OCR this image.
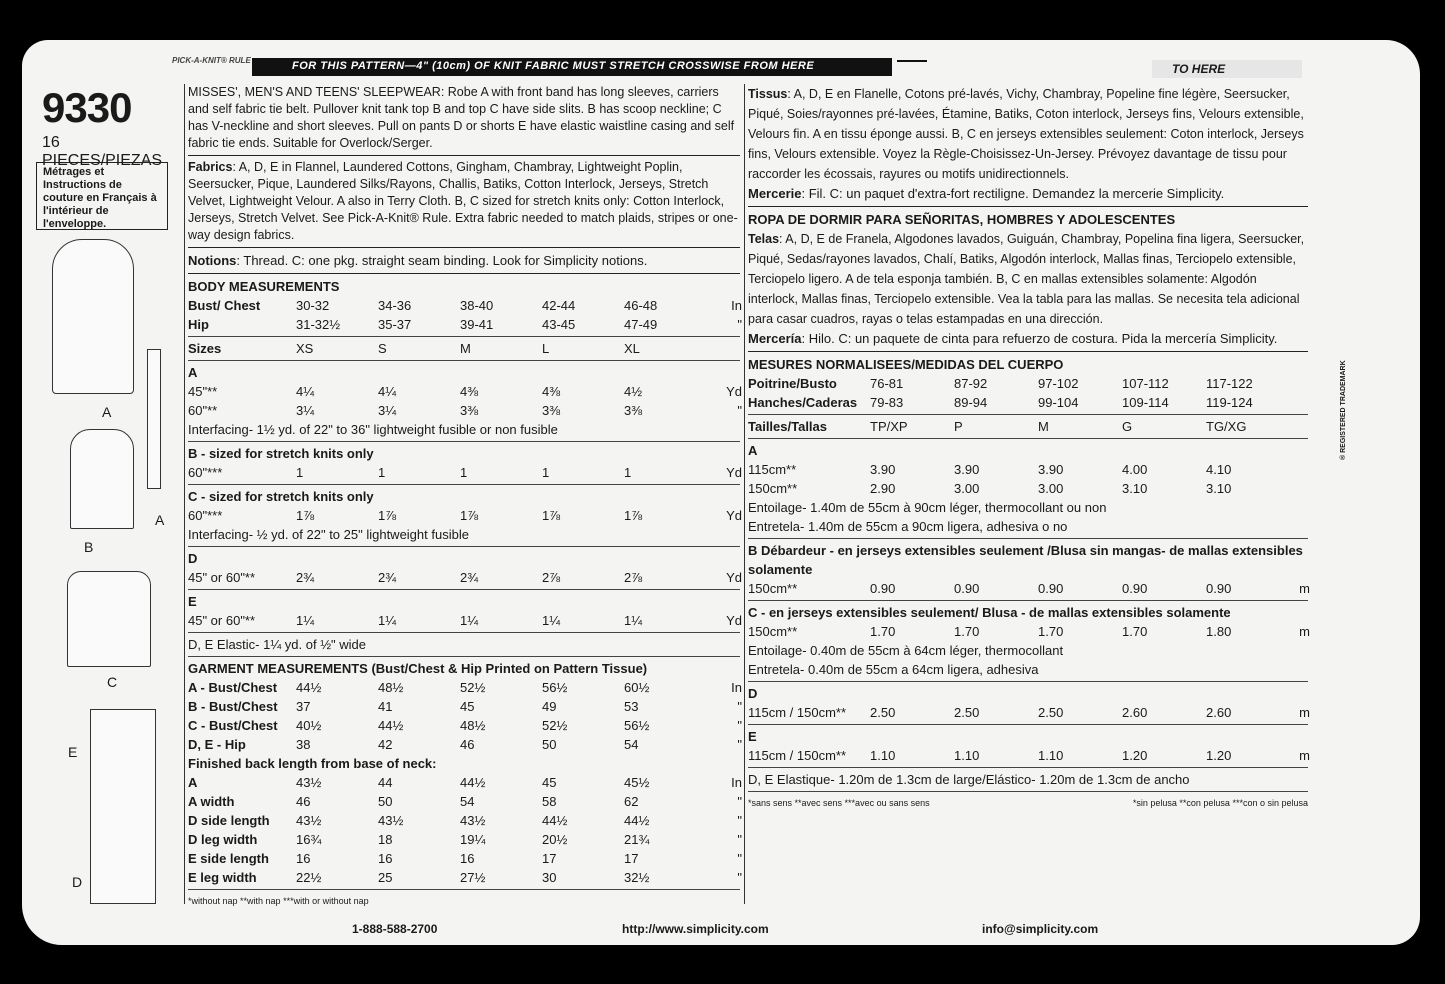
PICK-A-KNIT® RULE	FOR THIS PATTERN—4" (10cm) OF KNIT FABRIC MUST STRETCH CROSSWISE FROM HERE	TO HERE
9330
16 PIECES/PIEZAS
Métrages et Instructions de couture en Français à l'intérieur de l'enveloppe.
A
A
B
C
E
D

MISSES', MEN'S AND TEENS' SLEEPWEAR: Robe A with front band has long sleeves, carriers and self fabric tie belt. Pullover knit tank top B and top C have side slits. B has scoop neckline; C has V-neckline and short sleeves. Pull on pants D or shorts E have elastic waistline casing and self fabric tie ends. Suitable for Overlock/Serger.

Fabrics: A, D, E in Flannel, Laundered Cottons, Gingham, Chambray, Lightweight Poplin, Seersucker, Pique, Laundered Silks/Rayons, Challis, Batiks, Cotton Interlock, Jerseys, Stretch Velvet, Lightweight Velour. A also in Terry Cloth. B, C sized for stretch knits only: Cotton Interlock, Jerseys, Stretch Velvet. See Pick-A-Knit® Rule. Extra fabric needed to match plaids, stripes or one-way design fabrics.

Notions: Thread. C: one pkg. straight seam binding. Look for Simplicity notions.

BODY MEASUREMENTS
Bust/ Chest	30-32	34-36	38-40	42-44	46-48	In
Hip	31-32½	35-37	39-41	43-45	47-49	"
Sizes	XS	S	M	L	XL
A
45"**	4¼	4¼	4⅜	4⅜	4½	Yd
60"**	3¼	3¼	3⅜	3⅜	3⅜	"
Interfacing- 1½ yd. of 22" to 36" lightweight fusible or non fusible
B - sized for stretch knits only
60"***	1	1	1	1	1	Yd
C - sized for stretch knits only
60"***	1⅞	1⅞	1⅞	1⅞	1⅞	Yd
Interfacing- ½ yd. of 22" to 25" lightweight fusible
D
45" or 60"**	2¾	2¾	2¾	2⅞	2⅞	Yd
E
45" or 60"**	1¼	1¼	1¼	1¼	1¼	Yd
D, E Elastic- 1¼ yd. of ½" wide
GARMENT MEASUREMENTS (Bust/Chest & Hip Printed on Pattern Tissue)
A - Bust/Chest	44½	48½	52½	56½	60½	In
B - Bust/Chest	37	41	45	49	53	"
C - Bust/Chest	40½	44½	48½	52½	56½	"
D, E - Hip	38	42	46	50	54	"
Finished back length from base of neck:
A	43½	44	44½	45	45½	In
A width	46	50	54	58	62	"
D side length	43½	43½	43½	44½	44½	"
D leg width	16¾	18	19¼	20½	21¾	"
E side length	16	16	16	17	17	"
E leg width	22½	25	27½	30	32½	"
*without nap **with nap ***with or without nap

Tissus: A, D, E en Flanelle, Cotons pré-lavés, Vichy, Chambray, Popeline fine légère, Seersucker, Piqué, Soies/rayonnes pré-lavées, Étamine, Batiks, Coton interlock, Jerseys fins, Velours extensible, Velours fin. A en tissu éponge aussi. B, C en jerseys extensibles seulement: Coton interlock, Jerseys fins, Velours extensible. Voyez la Règle-Choisissez-Un-Jersey. Prévoyez davantage de tissu pour raccorder les écossais, rayures ou motifs unidirectionnels.

Mercerie: Fil. C: un paquet d'extra-fort rectiligne. Demandez la mercerie Simplicity.

ROPA DE DORMIR PARA SEÑORITAS, HOMBRES Y ADOLESCENTES

Telas: A, D, E de Franela, Algodones lavados, Guiguán, Chambray, Popelina fina ligera, Seersucker, Piqué, Sedas/rayones lavados, Chalí, Batiks, Algodón interlock, Mallas finas, Terciopelo extensible, Terciopelo ligero. A de tela esponja también. B, C en mallas extensibles solamente: Algodón interlock, Mallas finas, Terciopelo extensible. Vea la tabla para las mallas. Se necesita tela adicional para casar cuadros, rayas o telas estampadas en una dirección.

Mercería: Hilo. C: un paquete de cinta para refuerzo de costura. Pida la mercería Simplicity.

MESURES NORMALISEES/MEDIDAS DEL CUERPO
Poitrine/Busto	76-81	87-92	97-102	107-112	117-122
Hanches/Caderas 79-83	89-94	99-104	109-114	119-124
Tailles/Tallas	TP/XP	P	M	G	TG/XG
A
115cm**	3.90	3.90	3.90	4.00	4.10
150cm**	2.90	3.00	3.00	3.10	3.10
Entoilage- 1.40m de 55cm à 90cm léger, thermocollant ou non
Entretela- 1.40m de 55cm a 90cm ligera, adhesiva o no
B Débardeur - en jerseys extensibles seulement /Blusa sin mangas- de mallas extensibles solamente
150cm**	0.90	0.90	0.90	0.90	0.90	m
C - en jerseys extensibles seulement/ Blusa - de mallas extensibles solamente
150cm**	1.70	1.70	1.70	1.70	1.80	m
Entoilage- 0.40m de 55cm à 64cm léger, thermocollant
Entretela- 0.40m de 55cm a 64cm ligera, adhesiva
D
115cm / 150cm**	2.50	2.50	2.50	2.60	2.60	m
E
115cm / 150cm**	1.10	1.10	1.10	1.20	1.20	m
D, E Elastique- 1.20m de 1.3cm de large/Elástico- 1.20m de 1.3cm de ancho
*sans sens **avec sens ***avec ou sans sens	*sin pelusa **con pelusa ***con o sin pelusa
® REGISTERED TRADEMARK
1-888-588-2700	http://www.simplicity.com	info@simplicity.com
